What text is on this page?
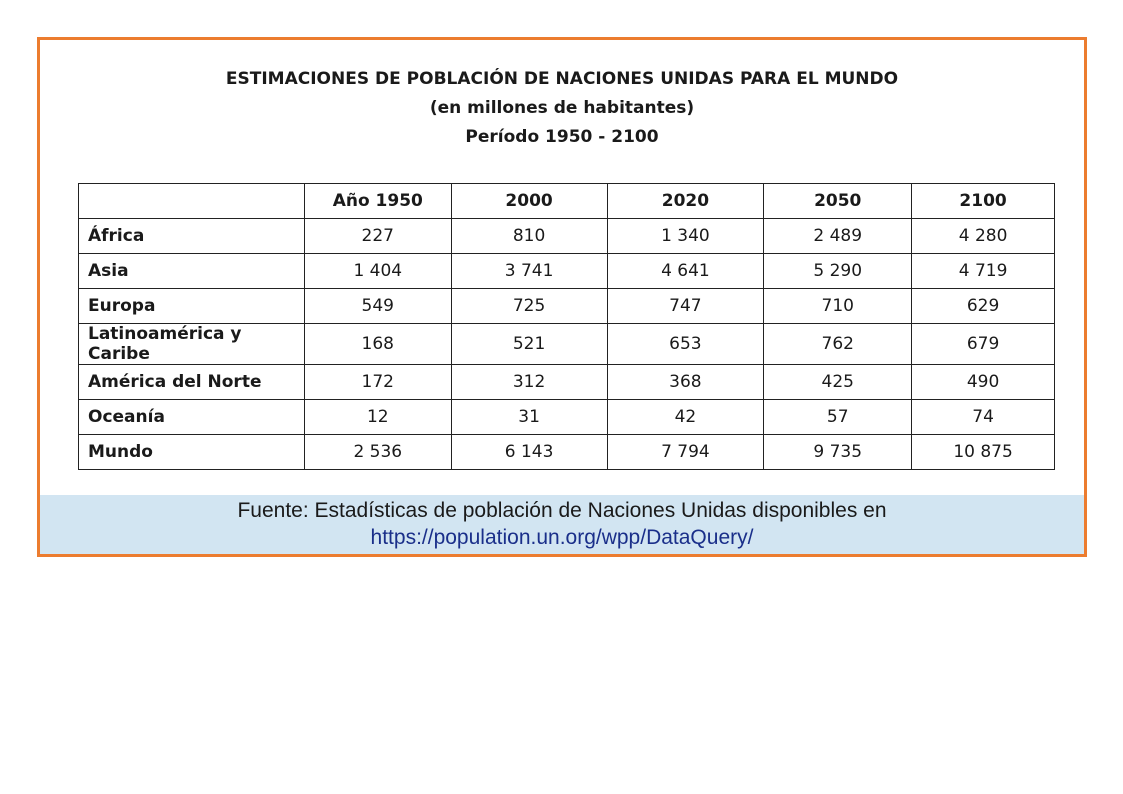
ESTIMACIONES DE POBLACIÓN DE NACIONES UNIDAS PARA EL MUNDO
(en millones de habitantes)
Período 1950 - 2100
	Año 1950	2000	2020	2050	2100
África	227	810	1 340	2 489	4 280
Asia	1 404	3 741	4 641	5 290	4 719
Europa	549	725	747	710	629
Latinoamérica y Caribe	168	521	653	762	679
América del Norte	172	312	368	425	490
Oceanía	12	31	42	57	74
Mundo	2 536	6 143	7 794	9 735	10 875
Fuente: Estadísticas de población de Naciones Unidas disponibles en
https://population.un.org/wpp/DataQuery/
